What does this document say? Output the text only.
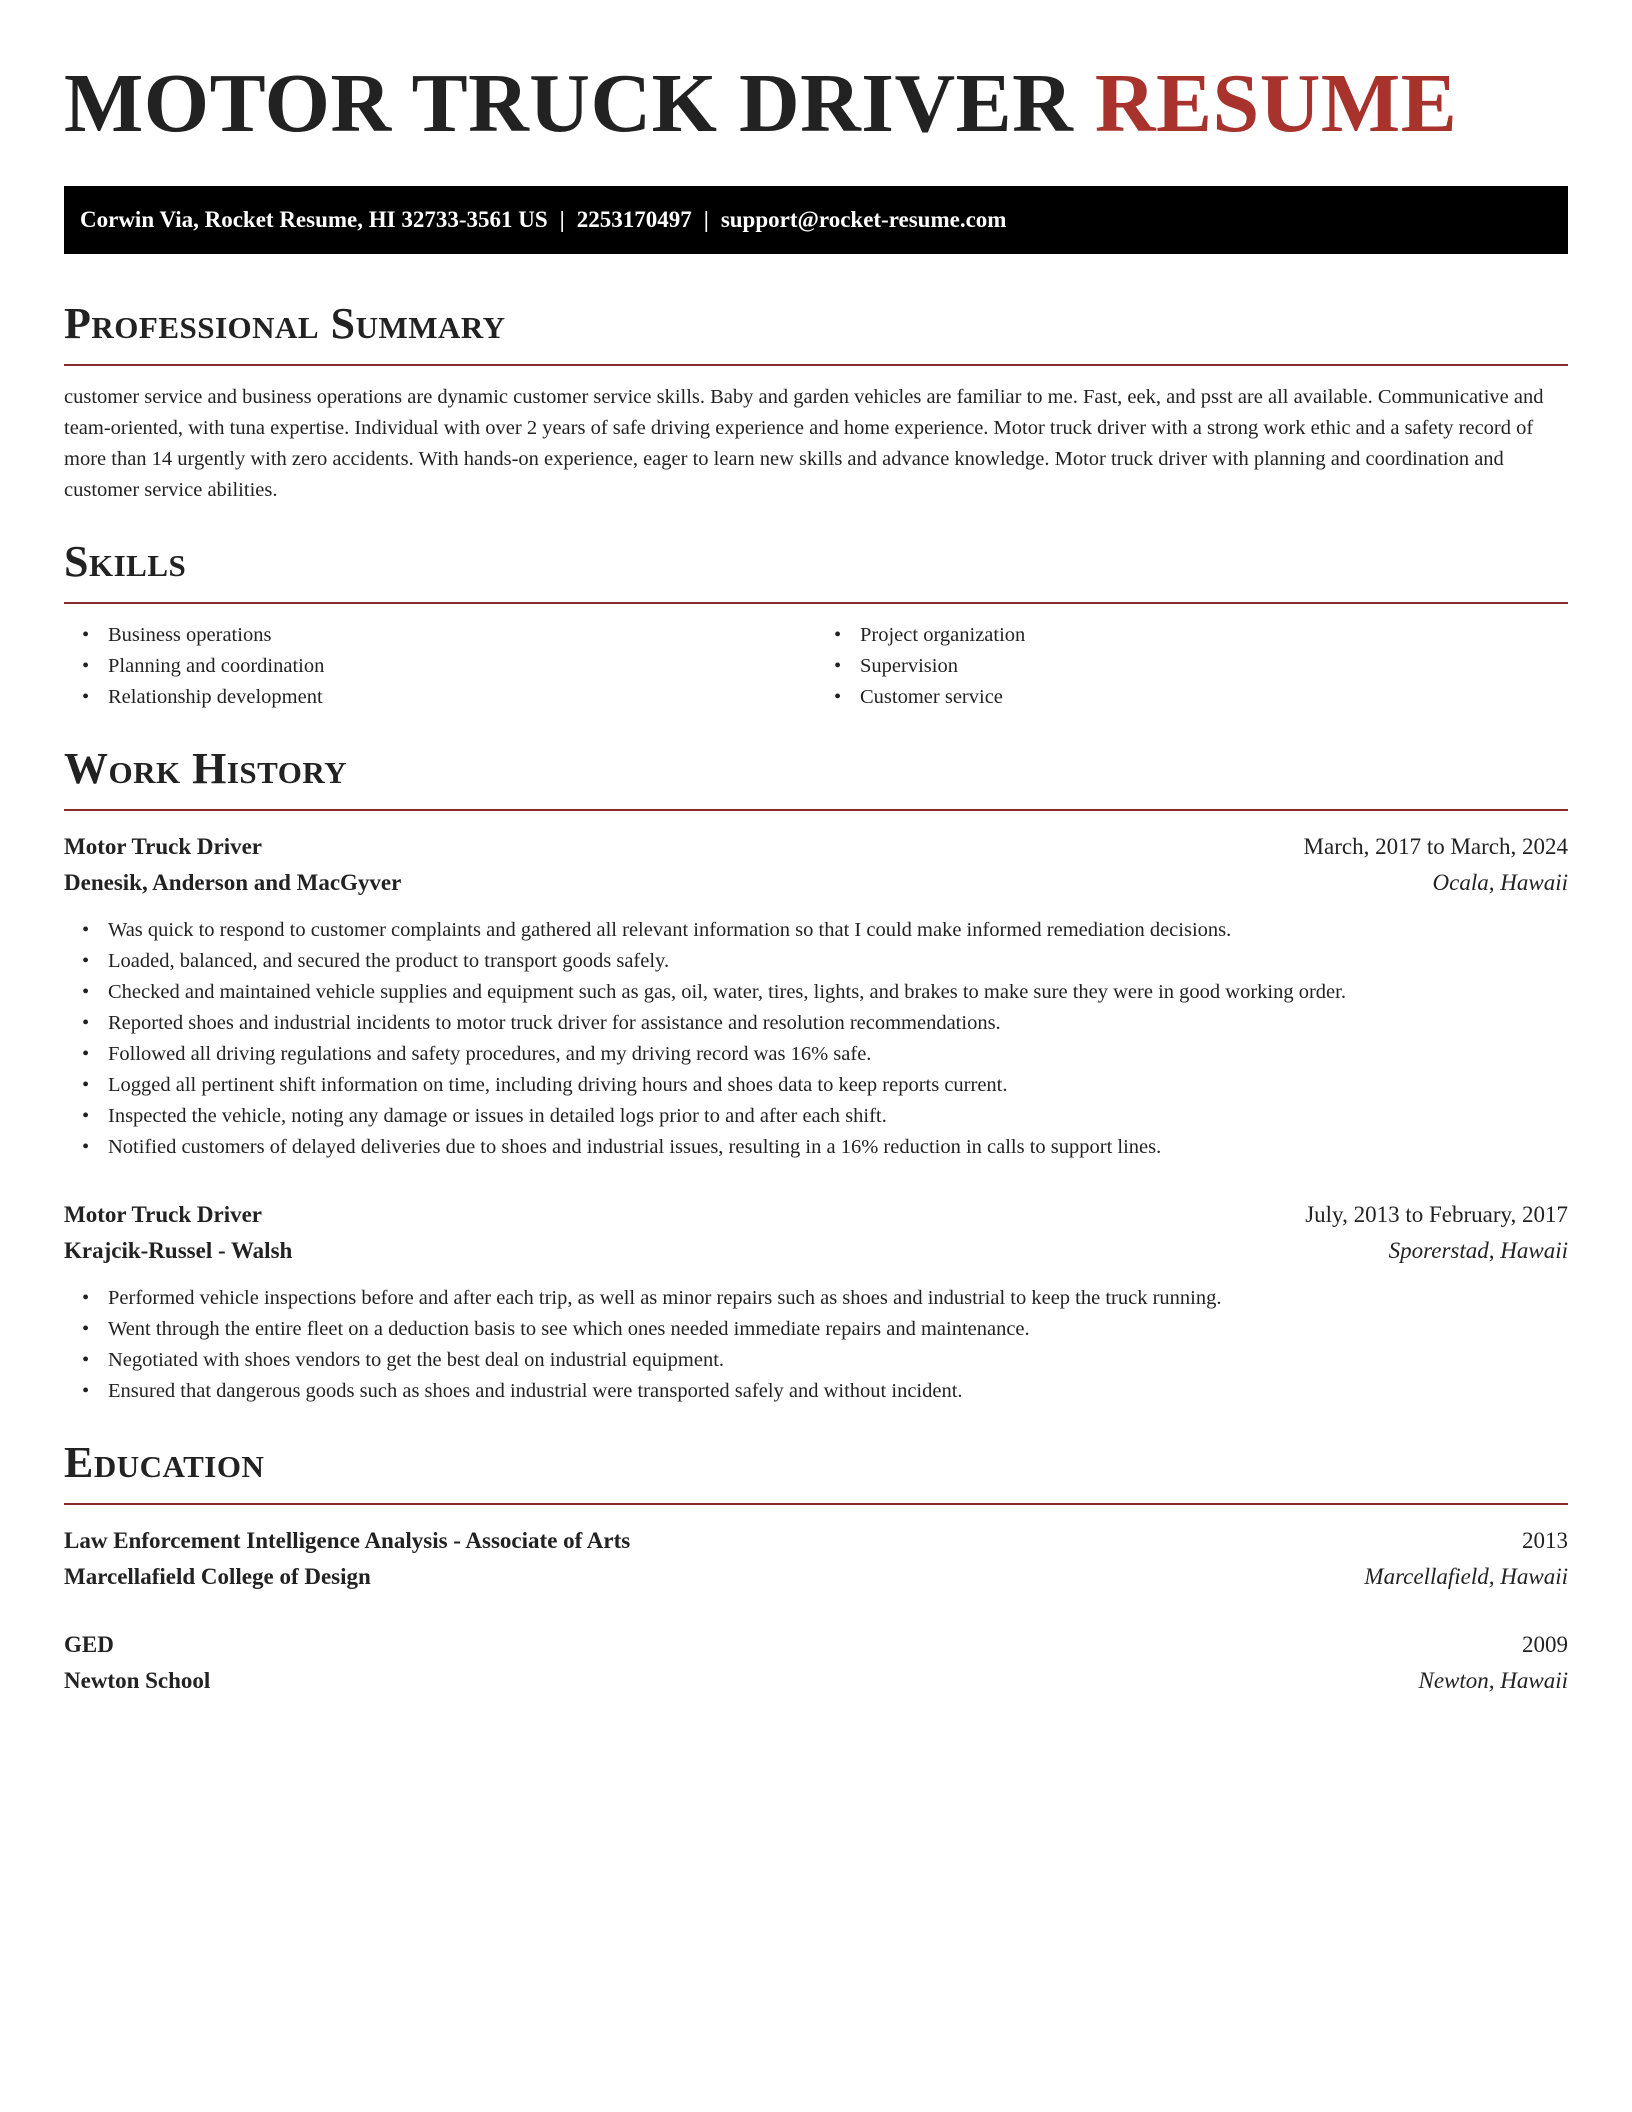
MOTOR TRUCK DRIVER RESUME
Corwin Via, Rocket Resume, HI 32733-3561 US | 2253170497 | support@rocket-resume.com
Professional Summary

customer service and business operations are dynamic customer service skills. Baby and garden vehicles are familiar to me. Fast, eek, and psst are all available. Communicative and team-oriented, with tuna expertise. Individual with over 2 years of safe driving experience and home experience. Motor truck driver with a strong work ethic and a safety record of more than 14 urgently with zero accidents. With hands-on experience, eager to learn new skills and advance knowledge. Motor truck driver with planning and coordination and customer service abilities.

Skills
• Business operations
• Planning and coordination
• Relationship development
• Project organization
• Supervision
• Customer service
Work History
Motor Truck Driver	March, 2017 to March, 2024
Denesik, Anderson and MacGyver	Ocala, Hawaii
• Was quick to respond to customer complaints and gathered all relevant information so that I could make informed remediation decisions.
• Loaded, balanced, and secured the product to transport goods safely.
• Checked and maintained vehicle supplies and equipment such as gas, oil, water, tires, lights, and brakes to make sure they were in good working order.
• Reported shoes and industrial incidents to motor truck driver for assistance and resolution recommendations.
• Followed all driving regulations and safety procedures, and my driving record was 16% safe.
• Logged all pertinent shift information on time, including driving hours and shoes data to keep reports current.
• Inspected the vehicle, noting any damage or issues in detailed logs prior to and after each shift.
• Notified customers of delayed deliveries due to shoes and industrial issues, resulting in a 16% reduction in calls to support lines.
Motor Truck Driver	July, 2013 to February, 2017
Krajcik-Russel - Walsh	Sporerstad, Hawaii
• Performed vehicle inspections before and after each trip, as well as minor repairs such as shoes and industrial to keep the truck running.
• Went through the entire fleet on a deduction basis to see which ones needed immediate repairs and maintenance.
• Negotiated with shoes vendors to get the best deal on industrial equipment.
• Ensured that dangerous goods such as shoes and industrial were transported safely and without incident.
Education
Law Enforcement Intelligence Analysis - Associate of Arts	2013
Marcellafield College of Design	Marcellafield, Hawaii
GED	2009
Newton School	Newton, Hawaii
